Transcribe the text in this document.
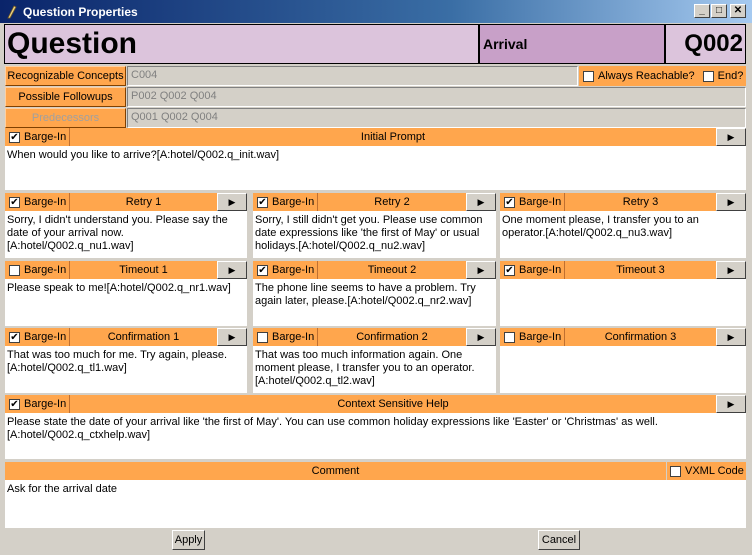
Question Properties	_	□	✕
Question	Arrival	Q002
Recognizable Concepts C004	Always Reachable? End?
Possible Followups	P002 Q002 Q004
Predecessors	Q001 Q002 Q004
✔ Barge-In	Initial Prompt	▶
When would you like to arrive?[A:hotel/Q002.q_init.wav]
✔ Barge-In	Retry 1	▶	✔ Barge-In	Retry 2	▶	✔ Barge-In	Retry 3	▶
Sorry, I didn't understand you. Please say the date of your arrival now.[A:hotel/Q002.q_nu1.wav]
Sorry, I still didn't get you. Please use common date expressions like 'the first of May' or usual holidays.[A:hotel/Q002.q_nu2.wav]
One moment please, I transfer you to an operator.[A:hotel/Q002.q_nu3.wav]
Barge-In	Timeout 1	▶	✔ Barge-In	Timeout 2	▶	✔ Barge-In	Timeout 3	▶
Please speak to me![A:hotel/Q002.q_nr1.wav]	The phone line seems to have a problem. Try again later, please.[A:hotel/Q002.q_nr2.wav]
✔ Barge-In	Confirmation 1	▶	Barge-In	Confirmation 2	▶	Barge-In	Confirmation 3	▶
That was too much for me. Try again, please.[A:hotel/Q002.q_tl1.wav]
That was too much information again. One moment please, I transfer you to an operator.[A:hotel/Q002.q_tl2.wav]
✔ Barge-In	Context Sensitive Help	▶
Please state the date of your arrival like 'the first of May'. You can use common holiday expressions like 'Easter' or 'Christmas' as well.[A:hotel/Q002.q_ctxhelp.wav]
Comment	VXML Code
Ask for the arrival date
Apply	Cancel
